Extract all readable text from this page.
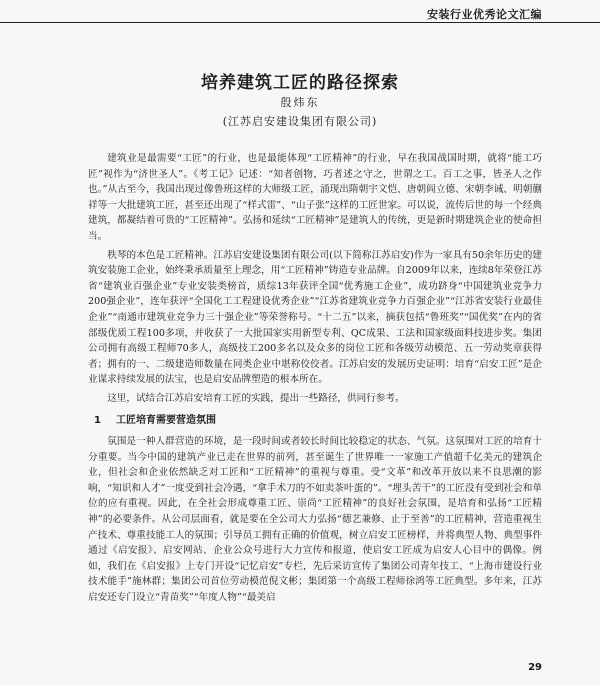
安装行业优秀论文汇编
培养建筑工匠的路径探索
殷炜东
(江苏启安建设集团有限公司)

建筑业是最需要“工匠”的行业，也是最能体现“工匠精神”的行业，早在我国战国时期，就将“能工巧匠”视作为“济世圣人”。《考工记》记述：“知者创物，巧者述之守之，世谓之工。百工之事，皆圣人之作也。”从古至今，我国出现过像鲁班这样的大师级工匠，涌现出隋朝宇文恺、唐朝阎立德、宋朝李诫、明朝蒯祥等一大批建筑工匠，甚至还出现了“样式雷”、“山子张”这样的工匠世家。可以说，流传后世的每一个经典建筑，都凝结着可贵的“工匠精神”。弘扬和延续“工匠精神”是建筑人的传统，更是新时期建筑企业的使命担当。

秩琴的本色是工匠精神。江苏启安建设集团有限公司(以下简称江苏启安)作为一家具有50余年历史的建筑安装施工企业，始终秉承质量至上理念，用“工匠精神”铸造专业品牌。自2009年以来，连续8年荣登江苏省“建筑业百强企业”专业安装类榜首，质综13年获评全国“优秀施工企业”，成功跻身“中国建筑业竞争力200强企业”，连年获评“全国化工工程建设优秀企业”“江苏省建筑业竞争力百强企业”“江苏省安装行业最佳企业”“南通市建筑业竞争力三十强企业”等荣誉称号。“十二五”以来，摘获包括“鲁班奖”“国优奖”在内的省部级优质工程100多项，并收获了一大批国家实用新型专利、QC成果、工法和国家级面料技进步奖。集团公司拥有高级工程师70多人，高级技工200多名以及众多的岗位工匠和各级劳动模范、五一劳动奖章获得者；拥有的一、二级建造师数量在同类企业中堪称佼佼者。江苏启安的发展历史证明：培育“启安工匠”是企业谋求持续发展的法宝，也是启安品牌塑造的根本所在。

这里，试结合江苏启安培育工匠的实践，提出一些路径，供同行参考。

1 工匠培育需要营造氛围

氛围是一种人群营造的环境，是一段时间或者较长时间比较稳定的状态、气氛。这氛围对工匠的培育十分重要。当今中国的建筑产业已走在世界的前列，甚至诞生了世界唯一一家施工产值超千亿美元的建筑企业，但社会和企业依然缺乏对工匠和“工匠精神”的重视与尊重。受“文革”和改革开放以来不良思潮的影响，“知识和人才”一度受到社会冷遇，“拿手术刀的不如卖茶叶蛋的”。“埋头苦干”的工匠没有受到社会和单位的应有重视。因此，在全社会形成尊重工匠、崇尚“工匠精神”的良好社会氛围，是培育和弘扬“工匠精神”的必要条件。从公司层面看，就是要在全公司大力弘扬“德艺兼修、止于至善”的工匠精神，营造重视生产技术、尊重技能工人的氛围；引导员工拥有正确的价值观，树立启安工匠榜样，并将典型人物、典型事件通过《启安报》、启安网站、企业公众号进行大力宣传和报道，使启安工匠成为启安人心目中的偶像。例如，我们在《启安报》上专门开设“记忆启安”专栏，先后采访宣传了集团公司青年技工、“上海市建设行业技术能手”施林群；集团公司首位劳动模范倪文彬；集团第一个高级工程师徐鸿等工匠典型。多年来，江苏启安还专门设立“青苗奖”“年度人物”“最美启

29
